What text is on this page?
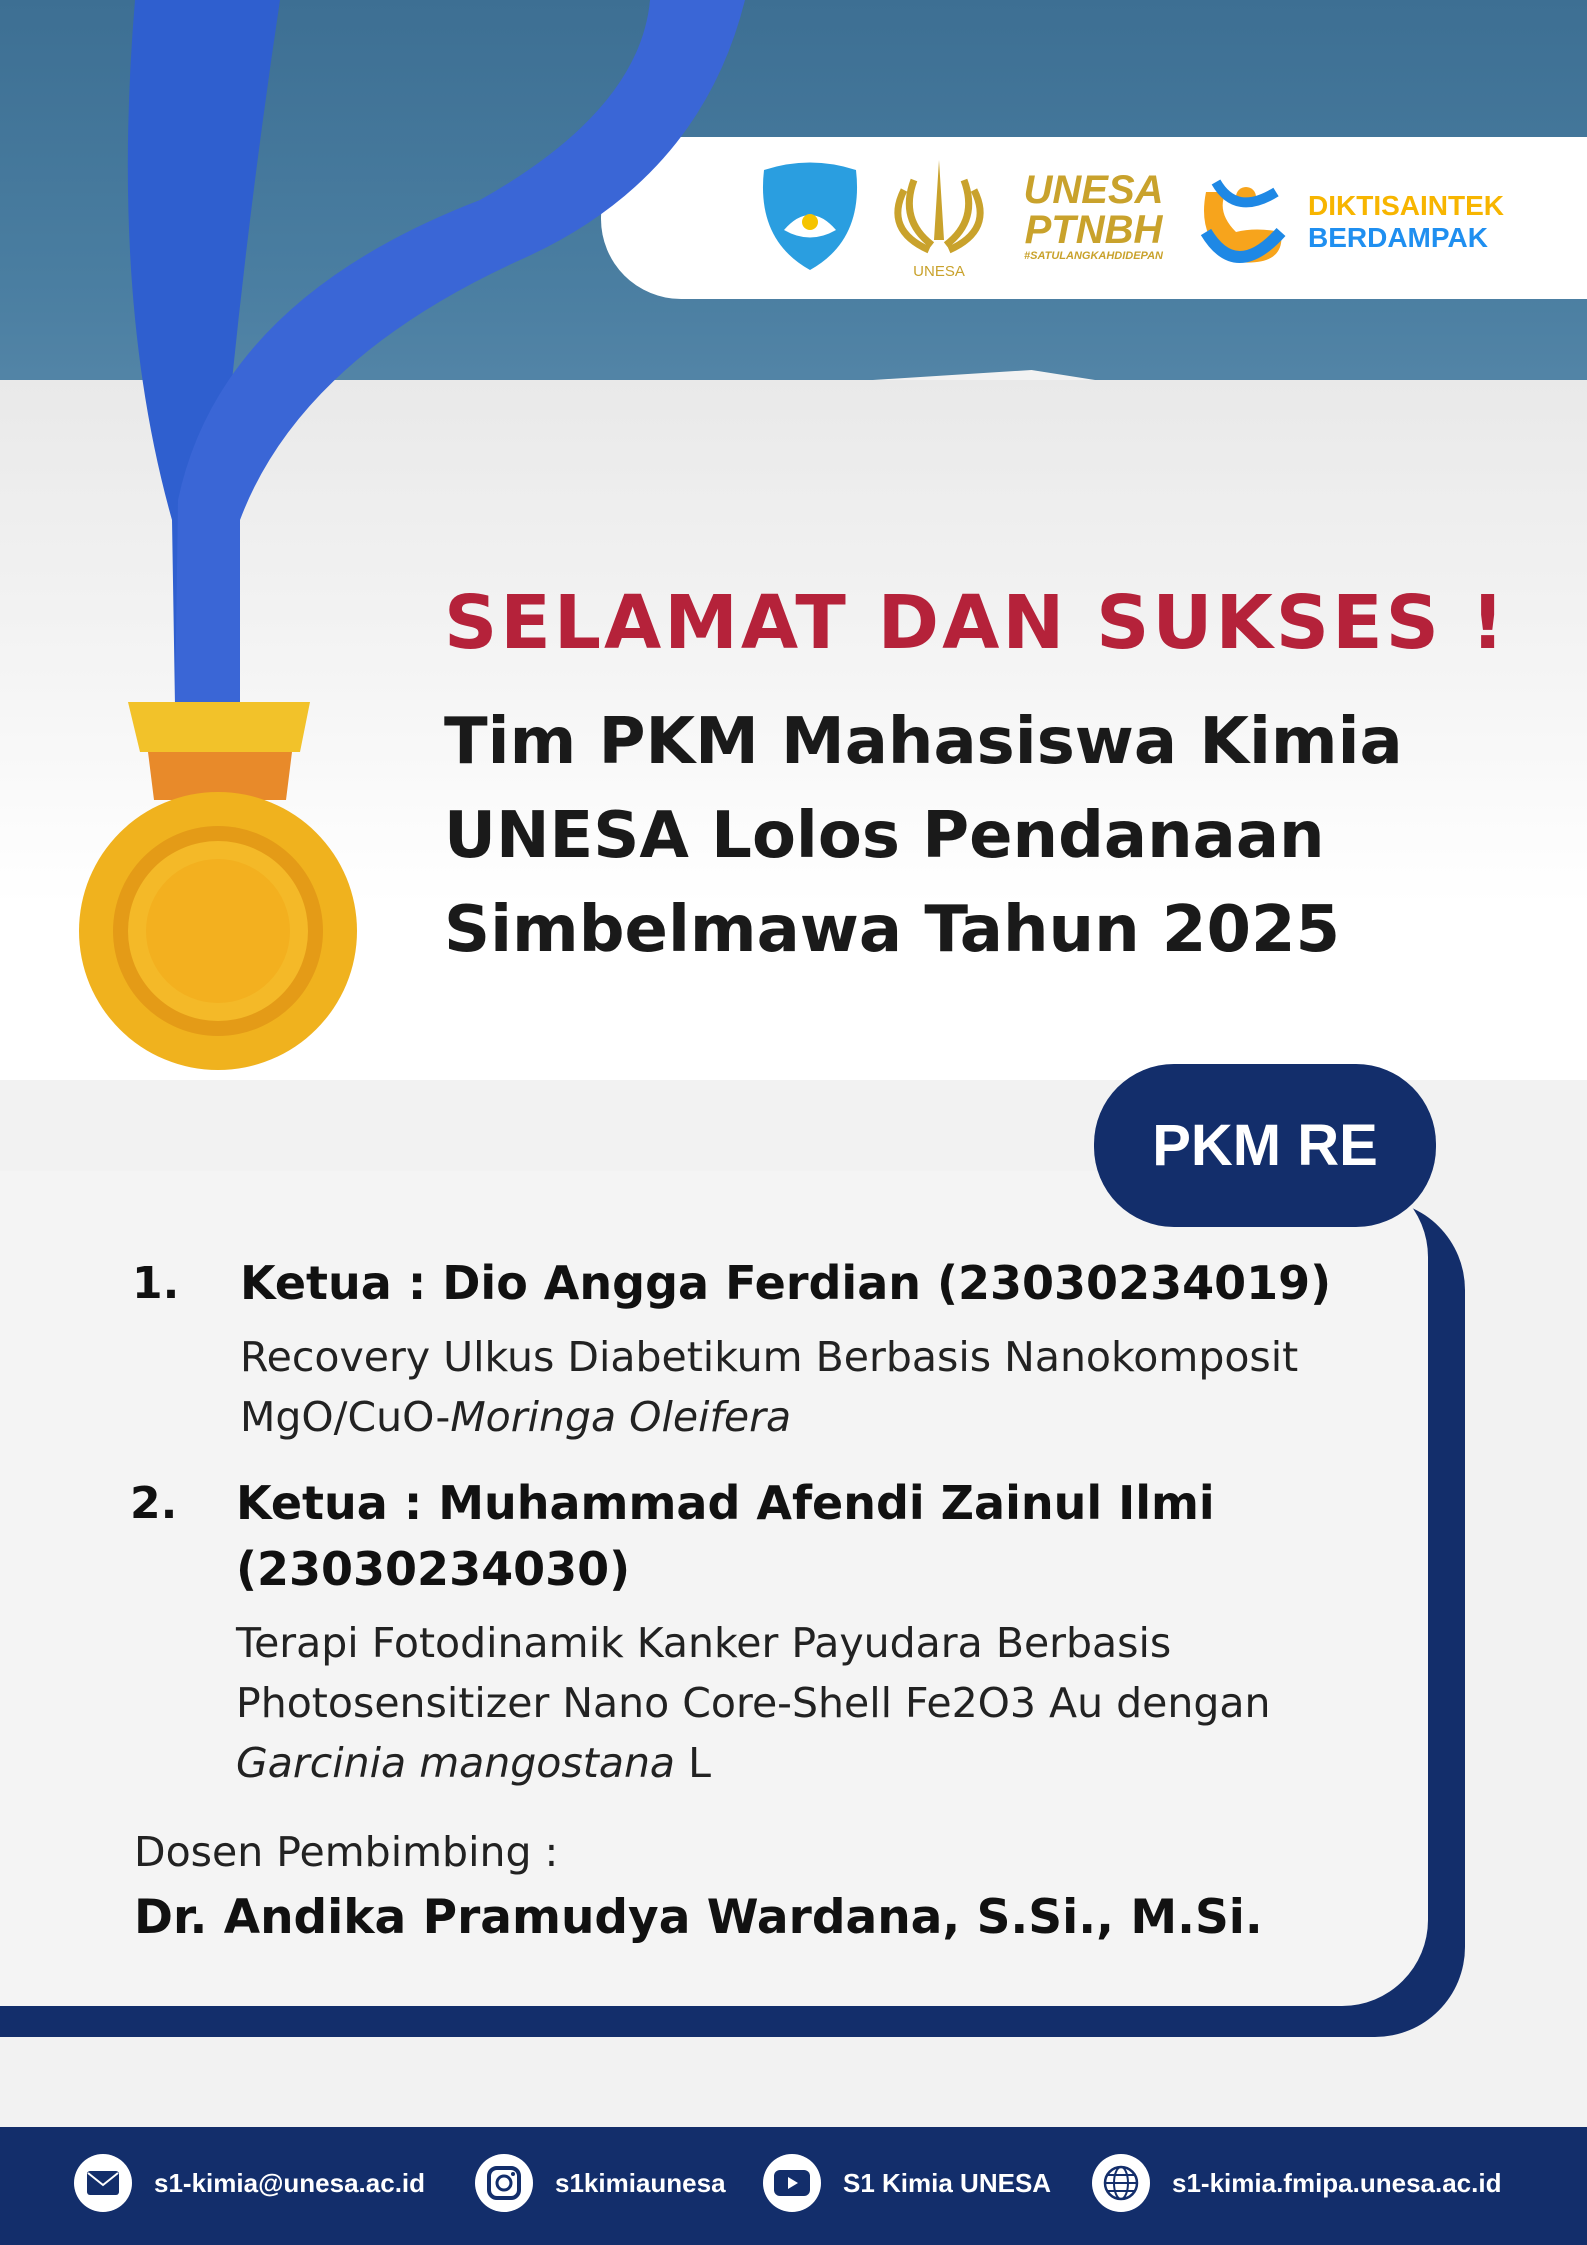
UNESA
UNESA
PTNBH
#SATULANGKAHDIDEPAN
DIKTISAINTEK
BERDAMPAK
SELAMAT DAN SUKSES !
Tim PKM Mahasiswa Kimia
UNESA Lolos Pendanaan
Simbelmawa Tahun 2025
PKM RE
1. Ketua : Dio Angga Ferdian (23030234019)
Recovery Ulkus Diabetikum Berbasis Nanokomposit
MgO/CuO-Moringa Oleifera
2. Ketua : Muhammad Afendi Zainul Ilmi
(23030234030)
Terapi Fotodinamik Kanker Payudara Berbasis
Photosensitizer Nano Core-Shell Fe2O3 Au dengan
Garcinia mangostana L
Dosen Pembimbing :
Dr. Andika Pramudya Wardana, S.Si., M.Si.
s1-kimia@unesa.ac.id	s1kimiaunesa	S1 Kimia UNESA	s1-kimia.fmipa.unesa.ac.id
